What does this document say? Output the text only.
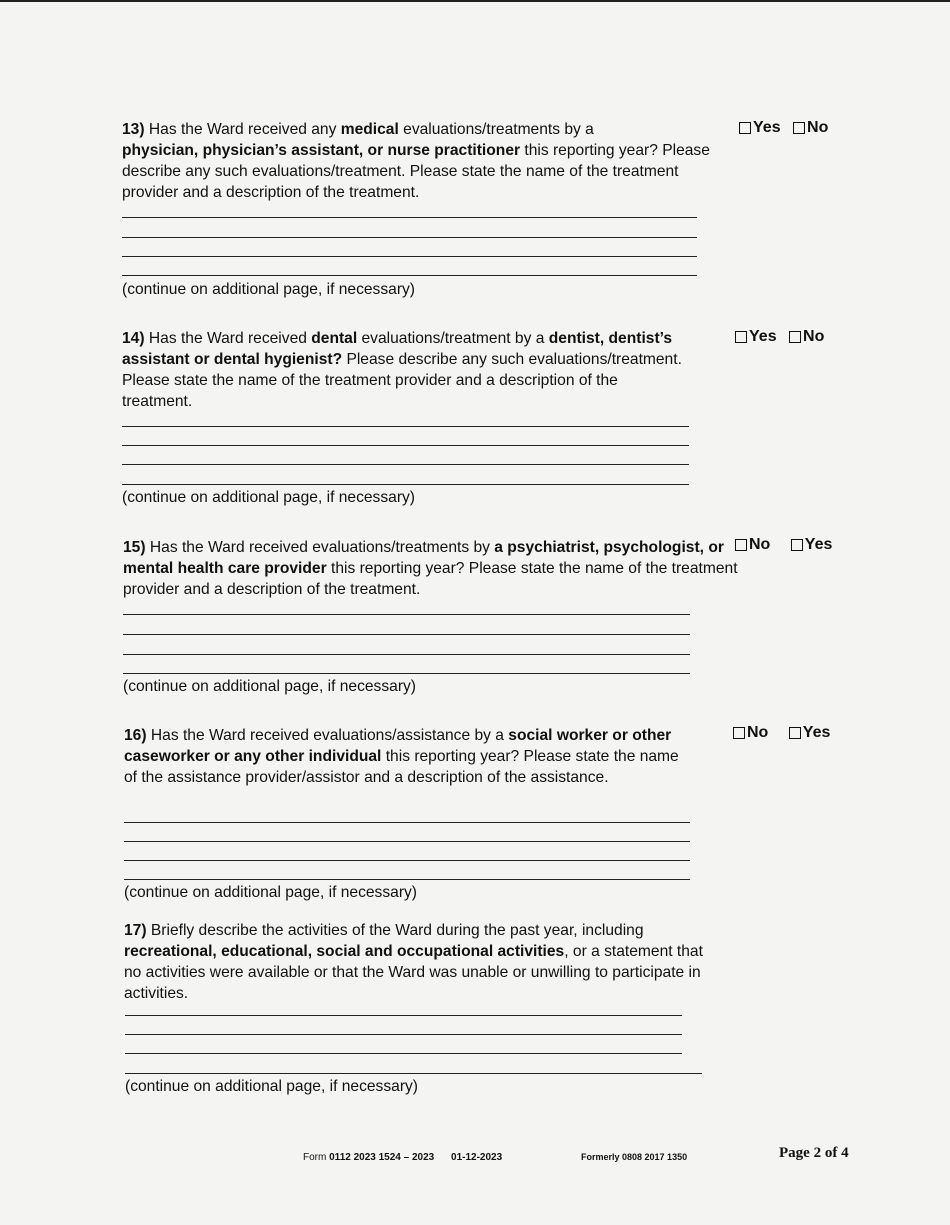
13) Has the Ward received any medical evaluations/treatments by a
physician, physician’s assistant, or nurse practitioner this reporting year? Please describe any such evaluations/treatment. Please state the name of the treatment provider and a description of the treatment.
Yes
No
(continue on additional page, if necessary)
14) Has the Ward received dental evaluations/treatment by a dentist, dentist’s assistant or dental hygienist? Please describe any such evaluations/treatment. Please state the name of the treatment provider and a description of the treatment.
Yes
No
(continue on additional page, if necessary)
15) Has the Ward received evaluations/treatments by a psychiatrist, psychologist, or mental health care provider this reporting year? Please state the name of the treatment provider and a description of the treatment.
No
Yes
(continue on additional page, if necessary)
16) Has the Ward received evaluations/assistance by a social worker or other caseworker or any other individual this reporting year? Please state the name of the assistance provider/assistor and a description of the assistance.
No
Yes
(continue on additional page, if necessary)
17) Briefly describe the activities of the Ward during the past year, including recreational, educational, social and occupational activities, or a statement that no activities were available or that the Ward was unable or unwilling to participate in activities.
(continue on additional page, if necessary)
Form 0112 2023 1524 – 2023 01-12-2023	Formerly 0808 2017 1350	Page 2 of 4
